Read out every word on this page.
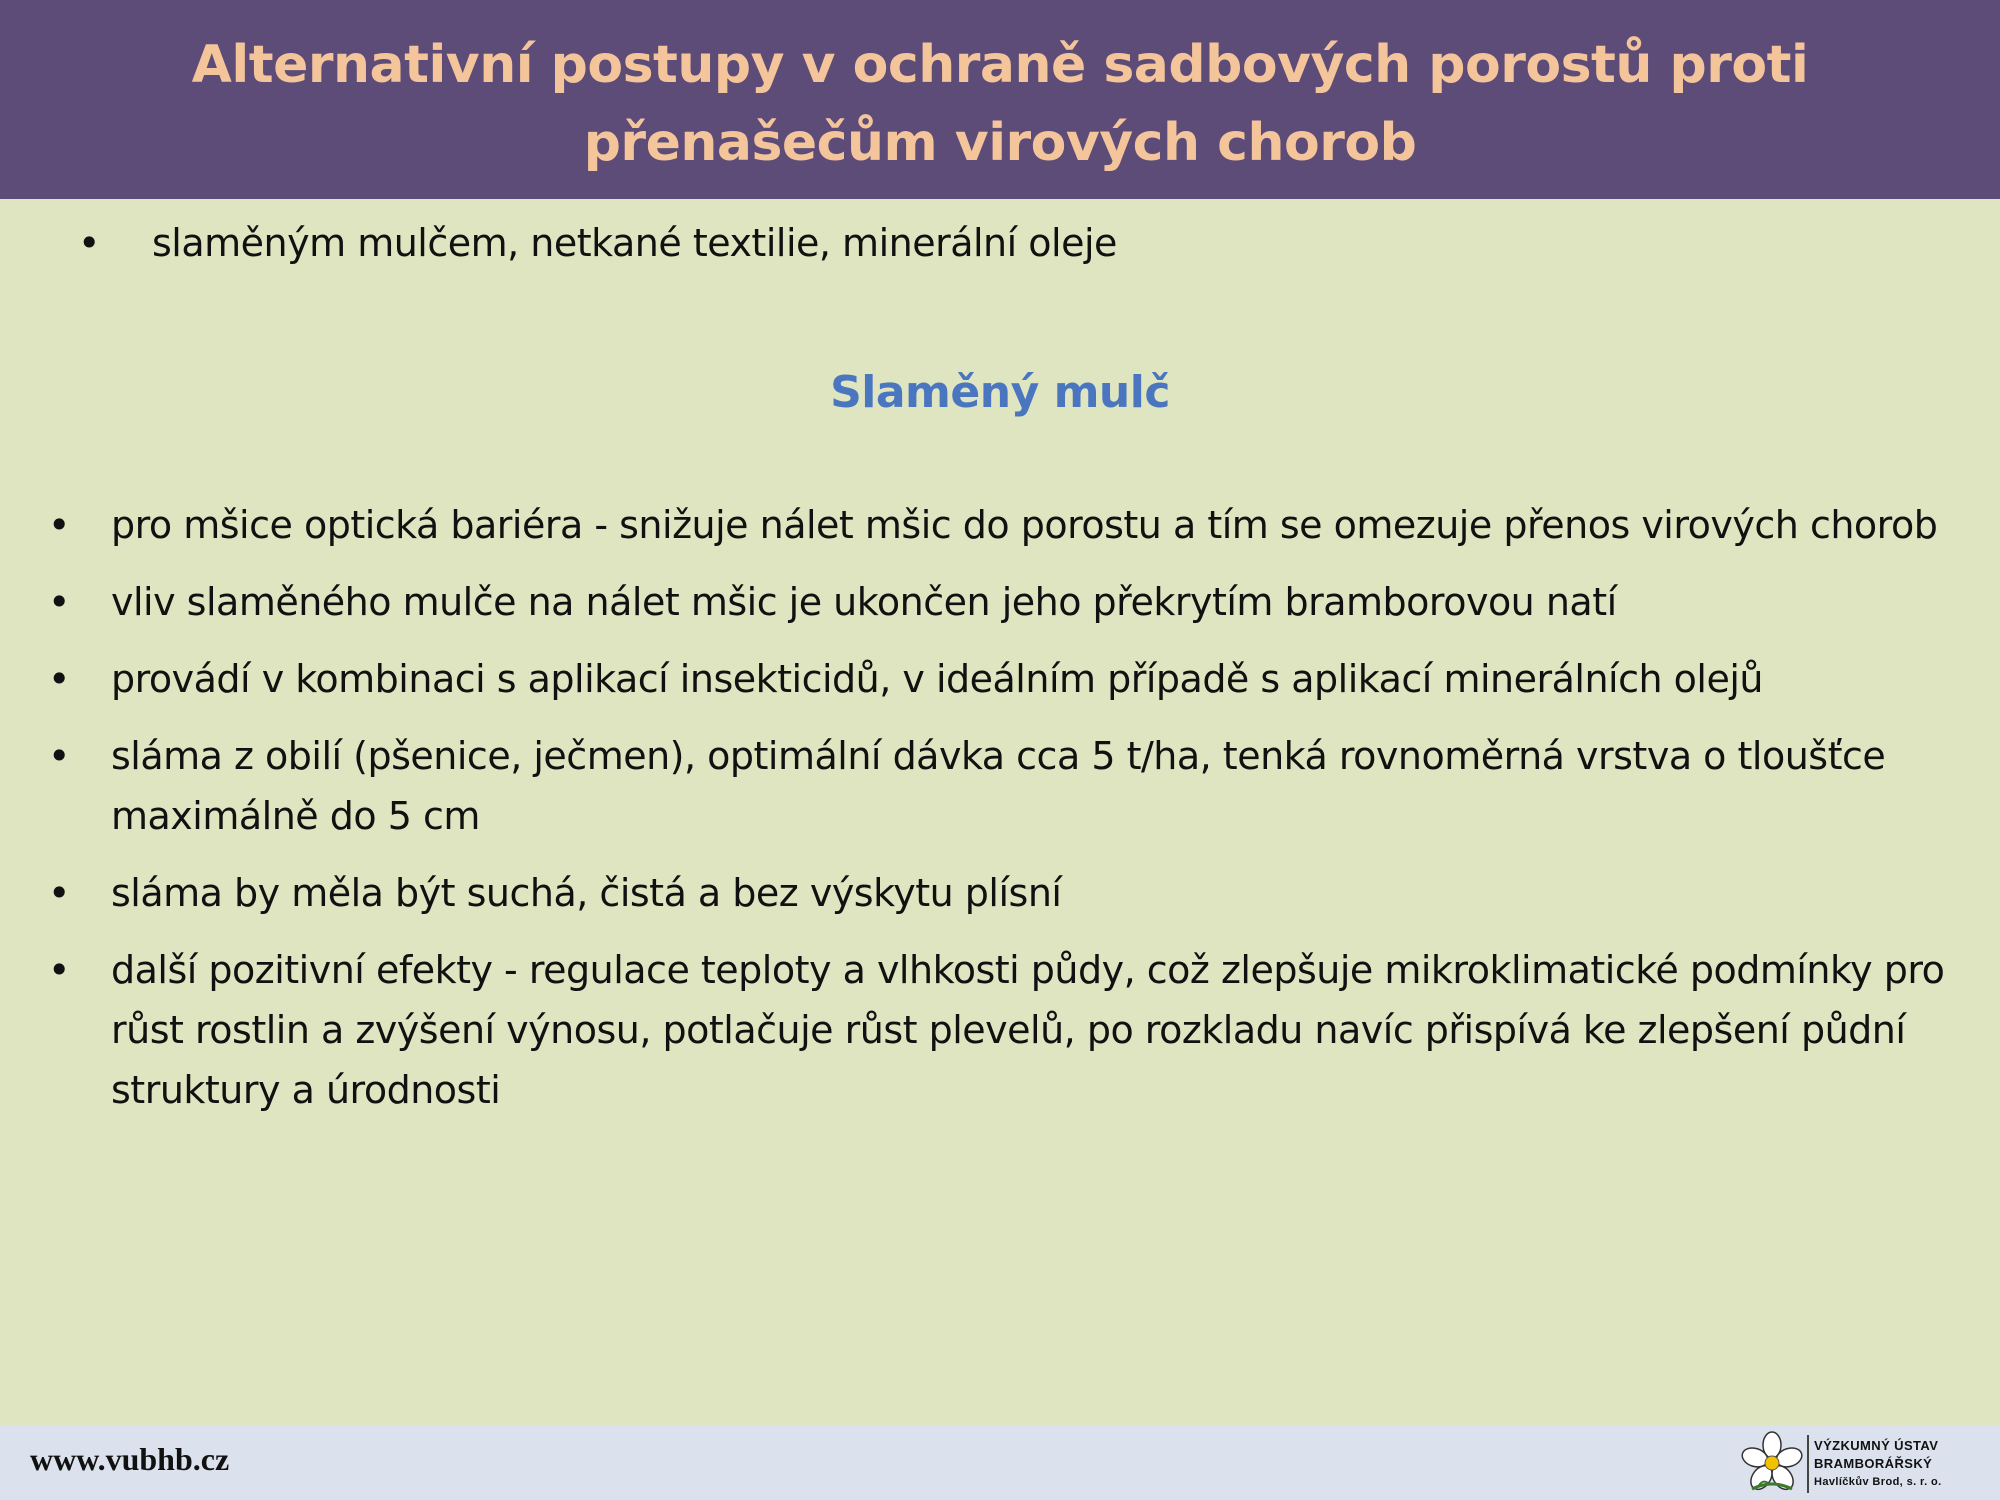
Alternativní postupy v ochraně sadbových porostů proti přenašečům virových chorob
• slaměným mulčem, netkané textilie, minerální oleje
Slaměný mulč
• pro mšice optická bariéra - snižuje nálet mšic do porostu a tím se omezuje přenos virových chorob
• vliv slaměného mulče na nálet mšic je ukončen jeho překrytím bramborovou natí
• provádí v kombinaci s aplikací insekticidů, v ideálním případě s aplikací minerálních olejů
• sláma z obilí (pšenice, ječmen), optimální dávka cca 5 t/ha, tenká rovnoměrná vrstva o tloušťce maximálně do 5 cm
• sláma by měla být suchá, čistá a bez výskytu plísní
• další pozitivní efekty - regulace teploty a vlhkosti půdy, což zlepšuje mikroklimatické podmínky pro růst rostlin a zvýšení výnosu, potlačuje růst plevelů, po rozkladu navíc přispívá ke zlepšení půdní struktury a úrodnosti
www.vubhb.cz	VÝZKUMNÝ ÚSTAV
BRAMBORÁŘSKÝ
Havlíčkův Brod, s. r. o.
